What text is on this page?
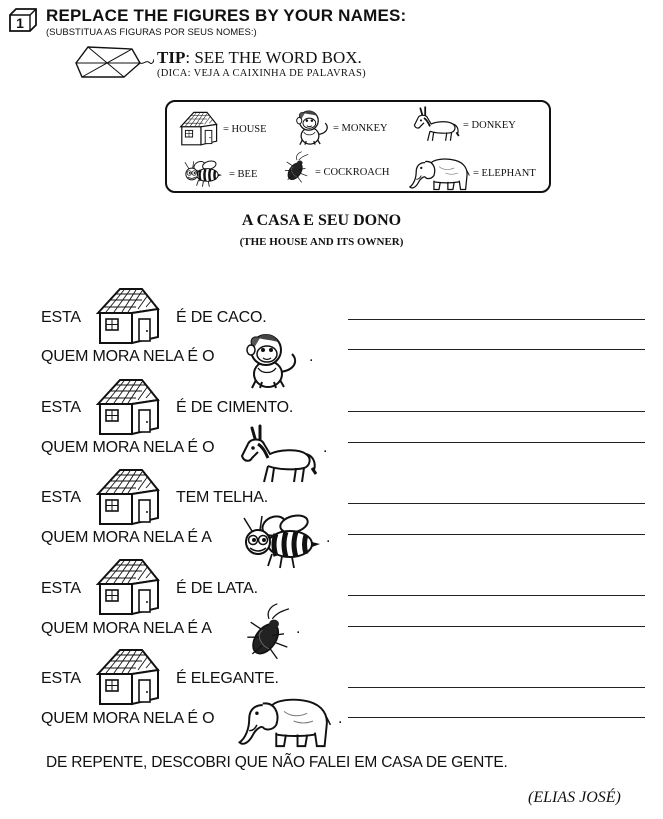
1 REPLACE THE FIGURES BY YOUR NAMES:
(SUBSTITUA AS FIGURAS POR SEUS NOMES:)
TIP: SEE THE WORD BOX.
(DICA: VEJA A CAIXINHA DE PALAVRAS)
= HOUSE	= MONKEY	= DONKEY
= BEE	= COCKROACH	= ELEPHANT
A CASA E SEU DONO
(THE HOUSE AND ITS OWNER)
ESTA	É DE CACO.
QUEM MORA NELA É O	.
ESTA	É DE CIMENTO.
QUEM MORA NELA É O	.
ESTA	TEM TELHA.
QUEM MORA NELA É A	.
ESTA	É DE LATA.
QUEM MORA NELA É A	.
ESTA	É ELEGANTE.
QUEM MORA NELA É O	.
DE REPENTE, DESCOBRI QUE NÃO FALEI EM CASA DE GENTE.
(ELIAS JOSÉ)
